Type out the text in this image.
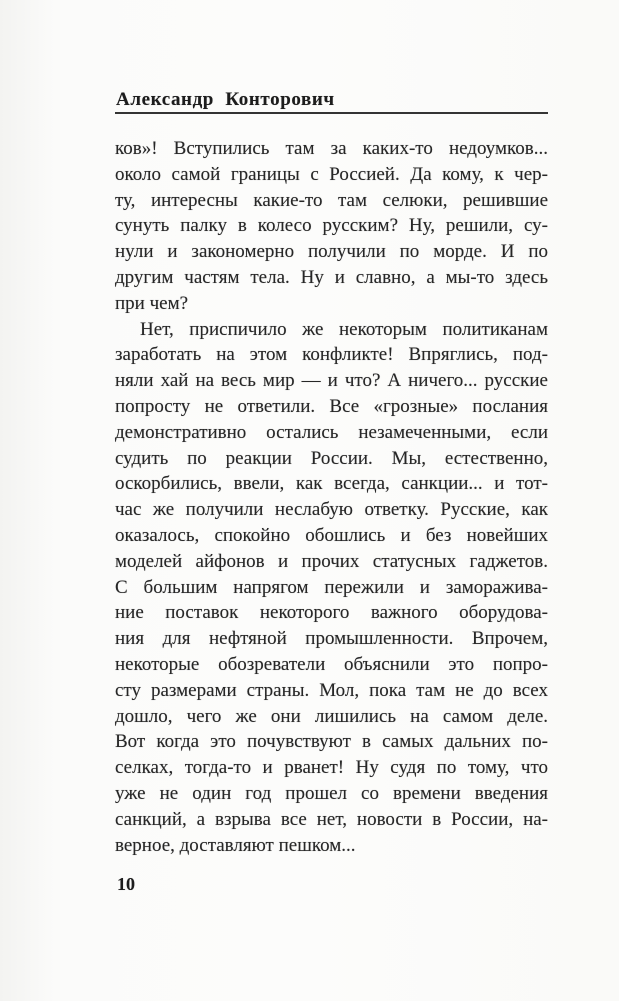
Александр Конторович
ков»! Вступились там за каких-то недоумков...
около самой границы с Россией. Да кому, к чер-
ту, интересны какие-то там селюки, решившие
сунуть палку в колесо русским? Ну, решили, су-
нули и закономерно получили по морде. И по
другим частям тела. Ну и славно, а мы-то здесь
при чем?
Нет, приспичило же некоторым политиканам
заработать на этом конфликте! Впряглись, под-
няли хай на весь мир — и что? А ничего... русские
попросту не ответили. Все «грозные» послания
демонстративно остались незамеченными, если
судить по реакции России. Мы, естественно,
оскорбились, ввели, как всегда, санкции... и тот-
час же получили неслабую ответку. Русские, как
оказалось, спокойно обошлись и без новейших
моделей айфонов и прочих статусных гаджетов.
С большим напрягом пережили и заморажива-
ние поставок некоторого важного оборудова-
ния для нефтяной промышленности. Впрочем,
некоторые обозреватели объяснили это попро-
сту размерами страны. Мол, пока там не до всех
дошло, чего же они лишились на самом деле.
Вот когда это почувствуют в самых дальних по-
селках, тогда-то и рванет! Ну судя по тому, что
уже не один год прошел со времени введения
санкций, а взрыва все нет, новости в России, на-
верное, доставляют пешком...
10
